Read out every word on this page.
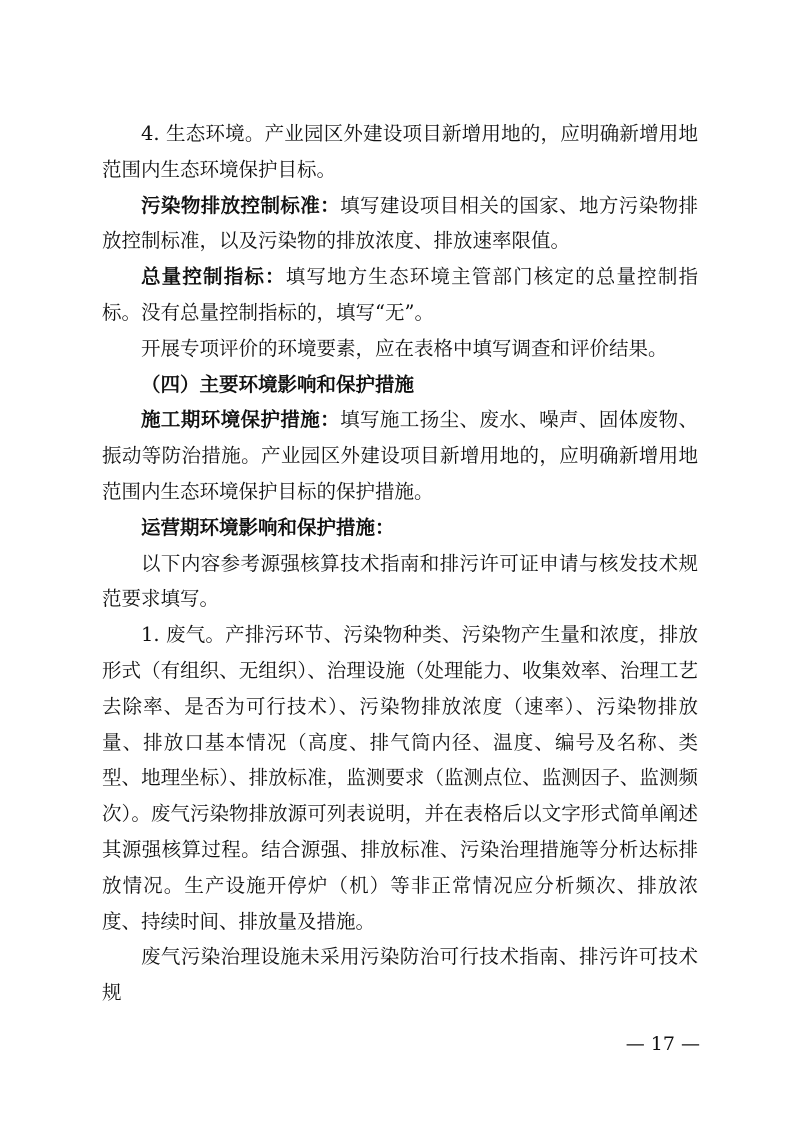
4. 生态环境。产业园区外建设项目新增用地的，应明确新增用地范围内生态环境保护目标。

污染物排放控制标准：填写建设项目相关的国家、地方污染物排放控制标准，以及污染物的排放浓度、排放速率限值。

总量控制指标：填写地方生态环境主管部门核定的总量控制指标。没有总量控制指标的，填写“无”。

开展专项评价的环境要素，应在表格中填写调查和评价结果。

（四）主要环境影响和保护措施

施工期环境保护措施：填写施工扬尘、废水、噪声、固体废物、振动等防治措施。产业园区外建设项目新增用地的，应明确新增用地范围内生态环境保护目标的保护措施。

运营期环境影响和保护措施：

以下内容参考源强核算技术指南和排污许可证申请与核发技术规范要求填写。

1. 废气。产排污环节、污染物种类、污染物产生量和浓度，排放形式（有组织、无组织）、治理设施（处理能力、收集效率、治理工艺去除率、是否为可行技术）、污染物排放浓度（速率）、污染物排放量、排放口基本情况（高度、排气筒内径、温度、编号及名称、类型、地理坐标）、排放标准，监测要求（监测点位、监测因子、监测频次）。废气污染物排放源可列表说明，并在表格后以文字形式简单阐述其源强核算过程。结合源强、排放标准、污染治理措施等分析达标排放情况。生产设施开停炉（机）等非正常情况应分析频次、排放浓度、持续时间、排放量及措施。

废气污染治理设施未采用污染防治可行技术指南、排污许可技术规

— 17 —
